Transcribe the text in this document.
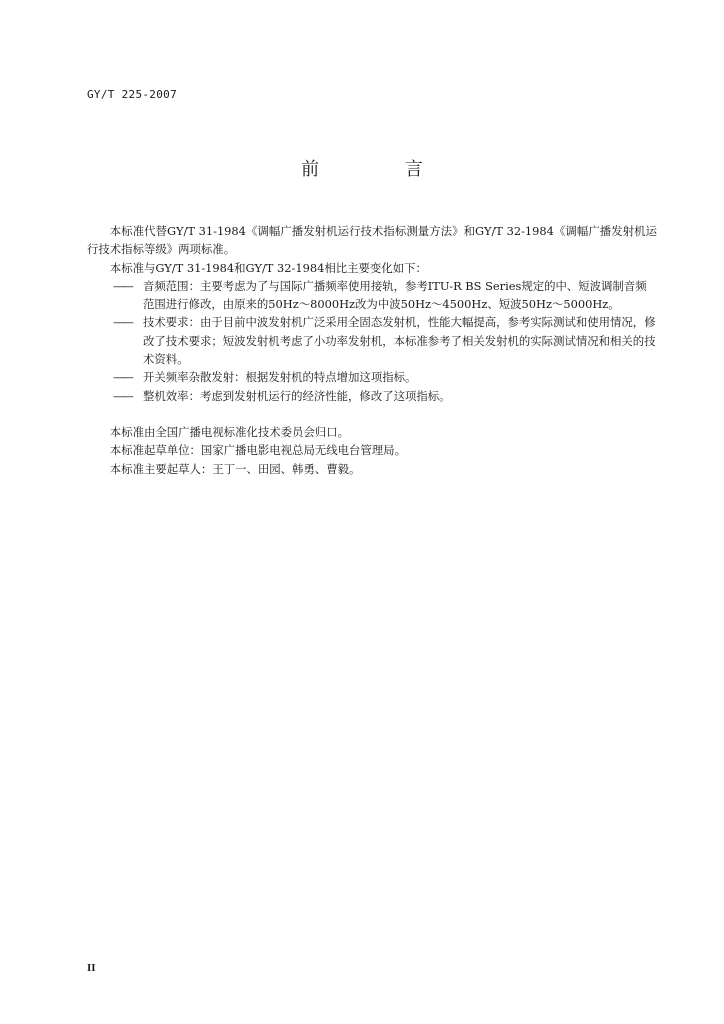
GY/T 225-2007
前 言

本标准代替GY/T 31-1984《调幅广播发射机运行技术指标测量方法》和GY/T 32-1984《调幅广播发射机运行技术指标等级》两项标准。

本标准与GY/T 31-1984和GY/T 32-1984相比主要变化如下：

—— 音频范围：主要考虑为了与国际广播频率使用接轨，参考ITU-R BS Series规定的中、短波调制音频范围进行修改，由原来的50Hz～8000Hz改为中波50Hz～4500Hz、短波50Hz～5000Hz。
—— 技术要求：由于目前中波发射机广泛采用全固态发射机，性能大幅提高，参考实际测试和使用情况，修改了技术要求；短波发射机考虑了小功率发射机，本标准参考了相关发射机的实际测试情况和相关的技术资料。
—— 开关频率杂散发射：根据发射机的特点增加这项指标。
—— 整机效率：考虑到发射机运行的经济性能，修改了这项指标。

本标准由全国广播电视标准化技术委员会归口。

本标准起草单位：国家广播电影电视总局无线电台管理局。

本标准主要起草人：王丁一、田园、韩勇、曹毅。

II
